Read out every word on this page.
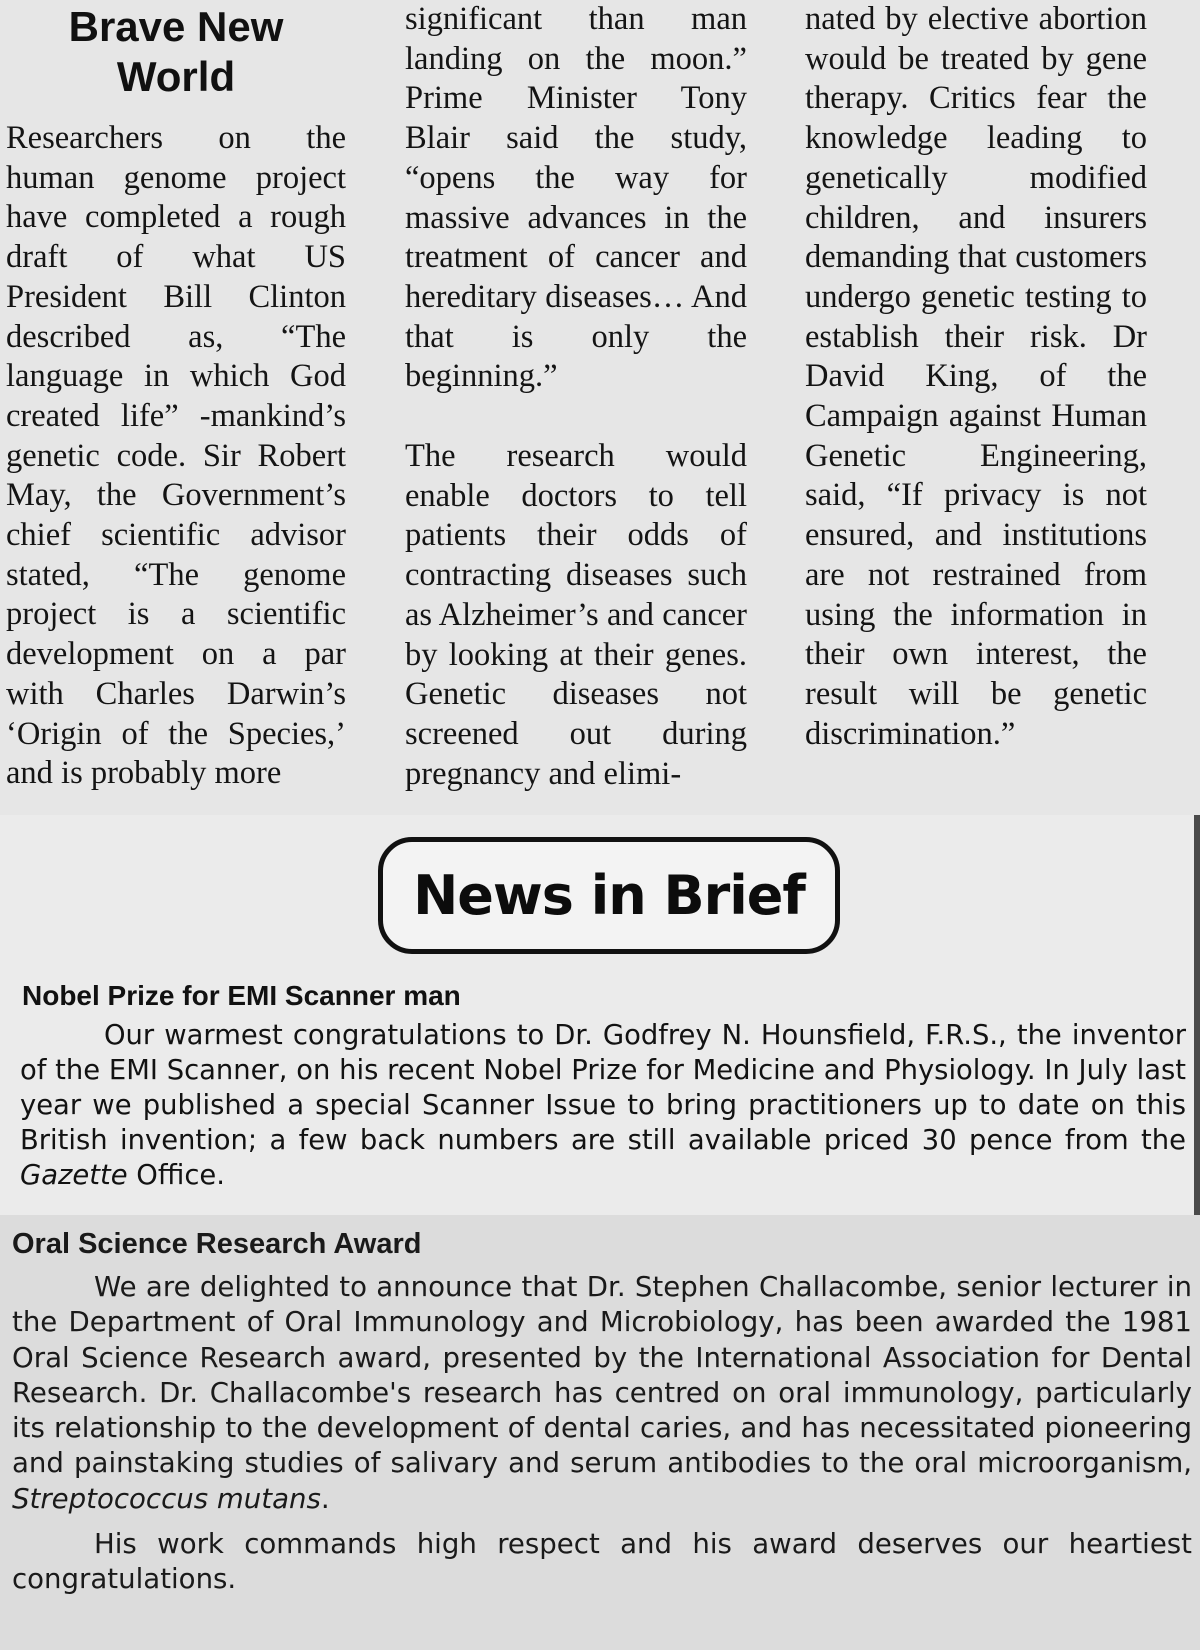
Brave New
World

Researchers on the human genome project have completed a rough draft of what US President Bill Clinton described as, “The language in which God created life” -mankind’s genetic code. Sir Robert May, the Government’s chief scientific advisor stated, “The genome project is a scientific development on a par with Charles Darwin’s ‘Origin of the Species,’ and is probably more

significant than man landing on the moon.” Prime Minister Tony Blair said the study, “opens the way for massive advances in the treatment of cancer and hereditary diseases… And that is only the beginning.”

The research would enable doctors to tell patients their odds of contracting diseases such as Alzheimer’s and cancer by looking at their genes. Genetic diseases not screened out during pregnancy and elimi-

nated by elective abortion would be treated by gene therapy. Critics fear the knowledge leading to genetically modified children, and insurers demanding that customers undergo genetic testing to establish their risk. Dr David King, of the Campaign against Human Genetic Engineering, said, “If privacy is not ensured, and institutions are not restrained from using the information in their own interest, the result will be genetic discrimination.”

News in Brief
Nobel Prize for EMI Scanner man

Our warmest congratulations to Dr. Godfrey N. Hounsfield, F.R.S., the inventor of the EMI Scanner, on his recent Nobel Prize for Medicine and Physiology. In July last year we published a special Scanner Issue to bring practitioners up to date on this British invention; a few back numbers are still available priced 30 pence from the Gazette Office.

Oral Science Research Award

We are delighted to announce that Dr. Stephen Challacombe, senior lecturer in the Department of Oral Immunology and Microbiology, has been awarded the 1981 Oral Science Research award, presented by the International Association for Dental Research. Dr. Challacombe's research has centred on oral immunology, particularly its relationship to the development of dental caries, and has necessitated pioneering and painstaking studies of salivary and serum antibodies to the oral microorganism, Streptococcus mutans.

His work commands high respect and his award deserves our heartiest congratulations.
